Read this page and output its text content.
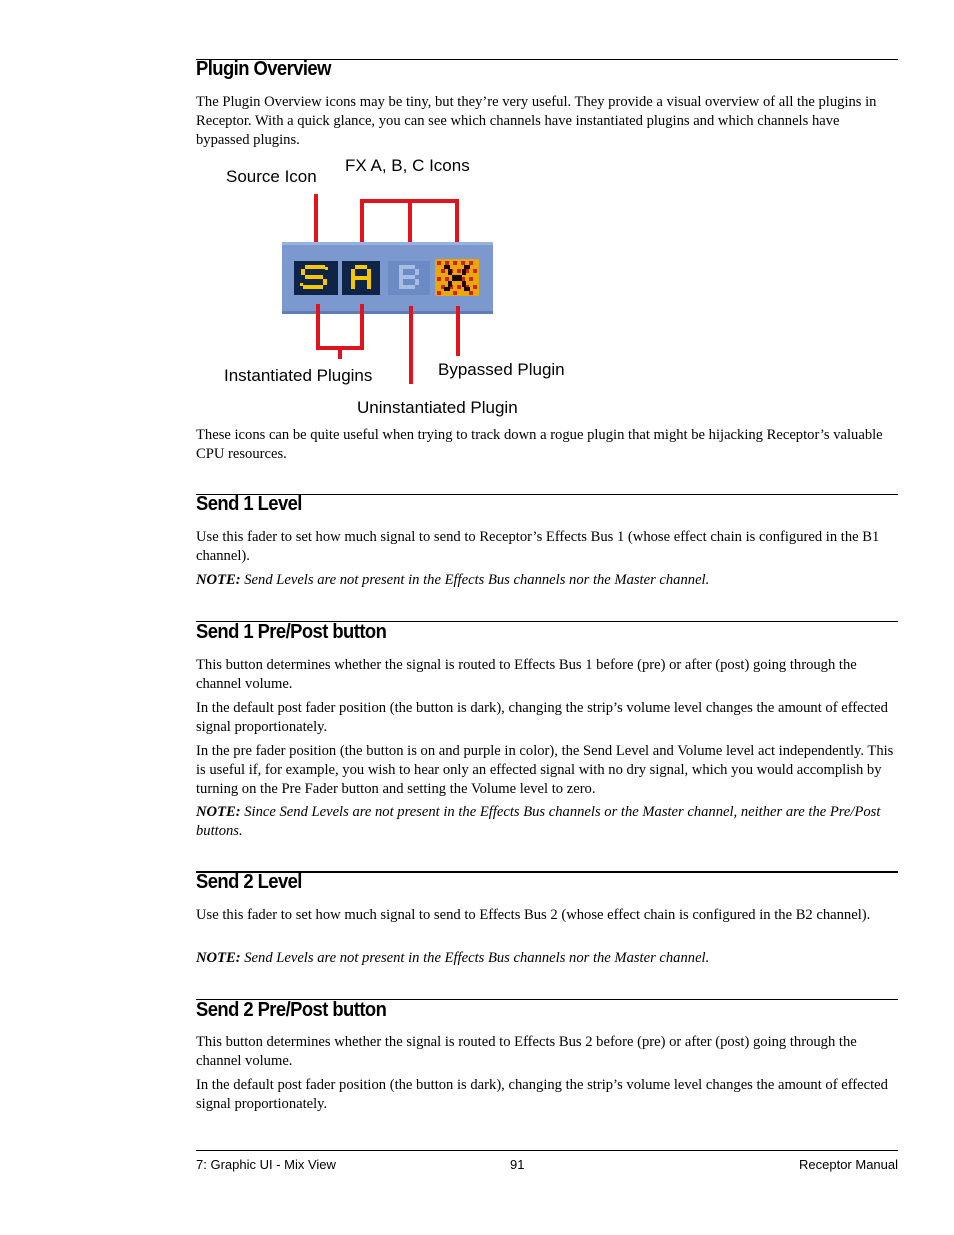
Plugin Overview

The Plugin Overview icons may be tiny, but they’re very useful. They provide a visual overview of all the plugins in Receptor. With a quick glance, you can see which channels have instantiated plugins and which channels have bypassed plugins.

Source Icon

FX A, B, C Icons

Instantiated Plugins	Bypassed Plugin

Uninstantiated Plugin

These icons can be quite useful when trying to track down a rogue plugin that might be hijacking Receptor’s valuable CPU resources.

Send 1 Level

Use this fader to set how much signal to send to Receptor’s Effects Bus 1 (whose effect chain is configured in the B1 channel).

NOTE: Send Levels are not present in the Effects Bus channels nor the Master channel.

Send 1 Pre/Post button

This button determines whether the signal is routed to Effects Bus 1 before (pre) or after (post) going through the channel volume.

In the default post fader position (the button is dark), changing the strip’s volume level changes the amount of effected signal proportionately.

In the pre fader position (the button is on and purple in color), the Send Level and Volume level act independently. This is useful if, for example, you wish to hear only an effected signal with no dry signal, which you would accomplish by turning on the Pre Fader button and setting the Volume level to zero.

NOTE: Since Send Levels are not present in the Effects Bus channels or the Master channel, neither are the Pre/Post buttons.

Send 2 Level

Use this fader to set how much signal to send to Effects Bus 2 (whose effect chain is configured in the B2 channel).

NOTE: Send Levels are not present in the Effects Bus channels nor the Master channel.

Send 2 Pre/Post button

This button determines whether the signal is routed to Effects Bus 2 before (pre) or after (post) going through the channel volume.

In the default post fader position (the button is dark), changing the strip’s volume level changes the amount of effected signal proportionately.

7: Graphic UI - Mix View	91	Receptor Manual
